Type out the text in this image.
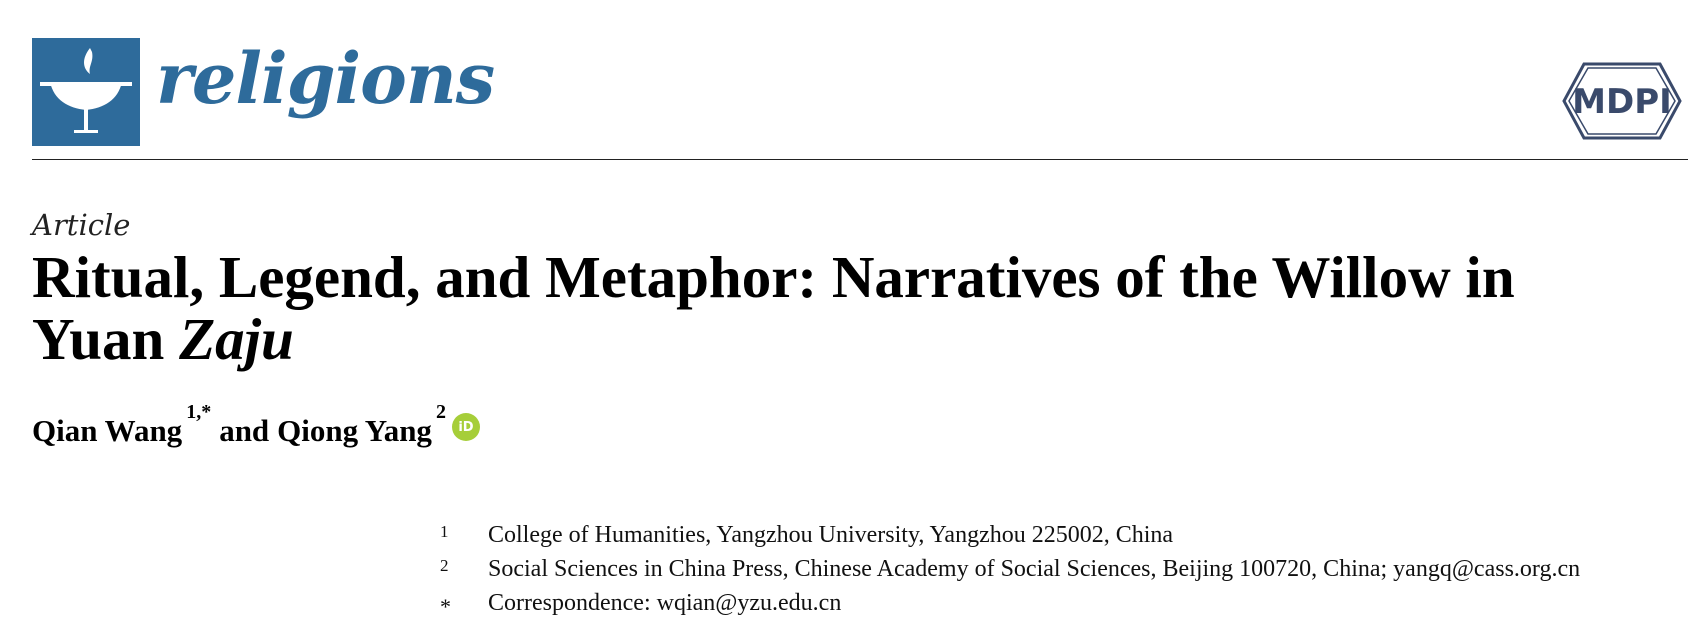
religions	MDPI
Article
Ritual, Legend, and Metaphor: Narratives of the Willow in
Yuan Zaju
Qian Wang
$^{1,*}$
and Qiong Yang
$^2$
iD
1	College of Humanities, Yangzhou University, Yangzhou 225002, China
2	Social Sciences in China Press, Chinese Academy of Social Sciences, Beijing 100720, China; yangq@cass.org.cn
*	Correspondence: wqian@yzu.edu.cn
